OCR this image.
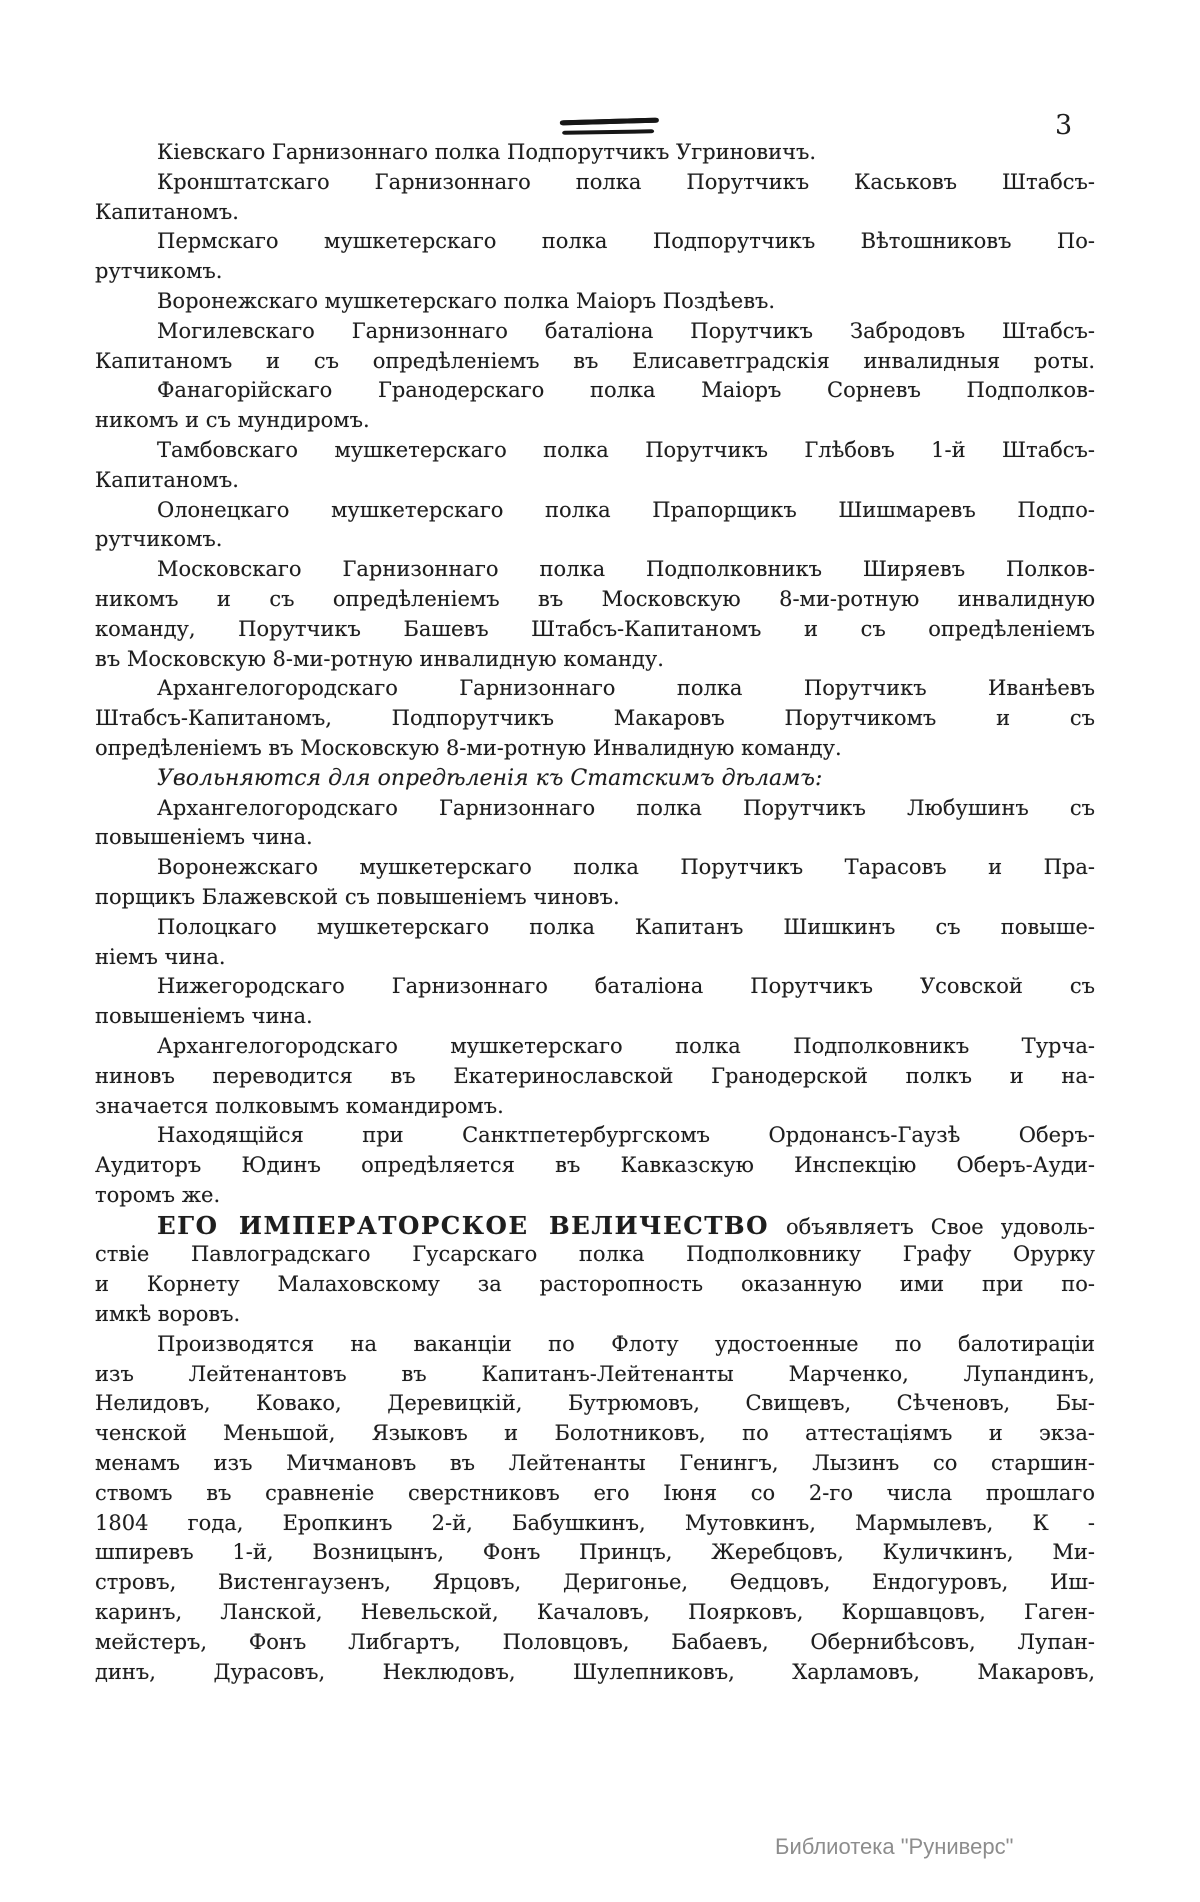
3
Кіевскаго Гарнизоннаго полка Подпорутчикъ Угриновичъ.
Кронштатскаго Гарнизоннаго полка Порутчикъ Каськовъ Штабсъ-
Капитаномъ.
Пермскаго мушкетерскаго полка Подпорутчикъ Вѣтошниковъ По-
рутчикомъ.
Воронежскаго мушкетерскаго полка Маіоръ Поздѣевъ.
Могилевскаго Гарнизоннаго баталіона Порутчикъ Забродовъ Штабсъ-
Капитаномъ и съ опредѣленіемъ въ Елисаветградскія инвалидныя роты.
Фанагорійскаго Гранодерскаго полка Маіоръ Сорневъ Подполков-
никомъ и съ мундиромъ.
Тамбовскаго мушкетерскаго полка Порутчикъ Глѣбовъ 1-й Штабсъ-
Капитаномъ.
Олонецкаго мушкетерскаго полка Прапорщикъ Шишмаревъ Подпо-
рутчикомъ.
Московскаго Гарнизоннаго полка Подполковникъ Ширяевъ Полков-
никомъ и съ опредѣленіемъ въ Московскую 8-ми-ротную инвалидную
команду, Порутчикъ Башевъ Штабсъ-Капитаномъ и съ опредѣленіемъ
въ Московскую 8-ми-ротную инвалидную команду.
Архангелогородскаго Гарнизоннаго полка Порутчикъ Иванѣевъ
Штабсъ-Капитаномъ, Подпорутчикъ Макаровъ Порутчикомъ и съ
опредѣленіемъ въ Московскую 8-ми-ротную Инвалидную команду.
Увольняются для опредѣленія къ Статскимъ дѣламъ:
Архангелогородскаго Гарнизоннаго полка Порутчикъ Любушинъ съ
повышеніемъ чина.
Воронежскаго мушкетерскаго полка Порутчикъ Тарасовъ и Пра-
порщикъ Блажевской съ повышеніемъ чиновъ.
Полоцкаго мушкетерскаго полка Капитанъ Шишкинъ съ повыше-
ніемъ чина.
Нижегородскаго Гарнизоннаго баталіона Порутчикъ Усовской съ
повышеніемъ чина.
Архангелогородскаго мушкетерскаго полка Подполковникъ Турча-
ниновъ переводится въ Екатеринославской Гранодерской полкъ и на-
значается полковымъ командиромъ.
Находящійся при Санктпетербургскомъ Ордонансъ-Гаузѣ Оберъ-
Аудиторъ Юдинъ опредѣляется въ Кавказскую Инспекцію Оберъ-Ауди-
торомъ же.
ЕГО ИМПЕРАТОРСКОЕ ВЕЛИЧЕСТВО объявляетъ Свое удоволь-
ствіе Павлоградскаго Гусарскаго полка Подполковнику Графу Орурку
и Корнету Малаховскому за расторопность оказанную ими при по-
имкѣ воровъ.
Производятся на ваканціи по Флоту удостоенные по балотираціи
изъ Лейтенантовъ въ Капитанъ-Лейтенанты Марченко, Лупандинъ,
Нелидовъ, Ковако, Деревицкій, Бутрюмовъ, Свищевъ, Сѣченовъ, Бы-
ченской Меньшой, Языковъ и Болотниковъ, по аттестаціямъ и экза-
менамъ изъ Мичмановъ въ Лейтенанты Генингъ, Лызинъ со старшин-
ствомъ въ сравненіе сверстниковъ его Іюня со 2-го числа прошлаго
1804 года, Еропкинъ 2-й, Бабушкинъ, Мутовкинъ, Мармылевъ, К -
шпиревъ 1-й, Возницынъ, Фонъ Принцъ, Жеребцовъ, Куличкинъ, Ми-
стровъ, Вистенгаузенъ, Ярцовъ, Деригонье, Ѳедцовъ, Ендогуровъ, Иш-
каринъ, Ланской, Невельской, Качаловъ, Поярковъ, Коршавцовъ, Гаген-
мейстеръ, Фонъ Либгартъ, Половцовъ, Бабаевъ, Обернибѣсовъ, Лупан-
динъ, Дурасовъ, Неклюдовъ, Шулепниковъ, Харламовъ, Макаровъ,
Библиотека "Руниверс"
